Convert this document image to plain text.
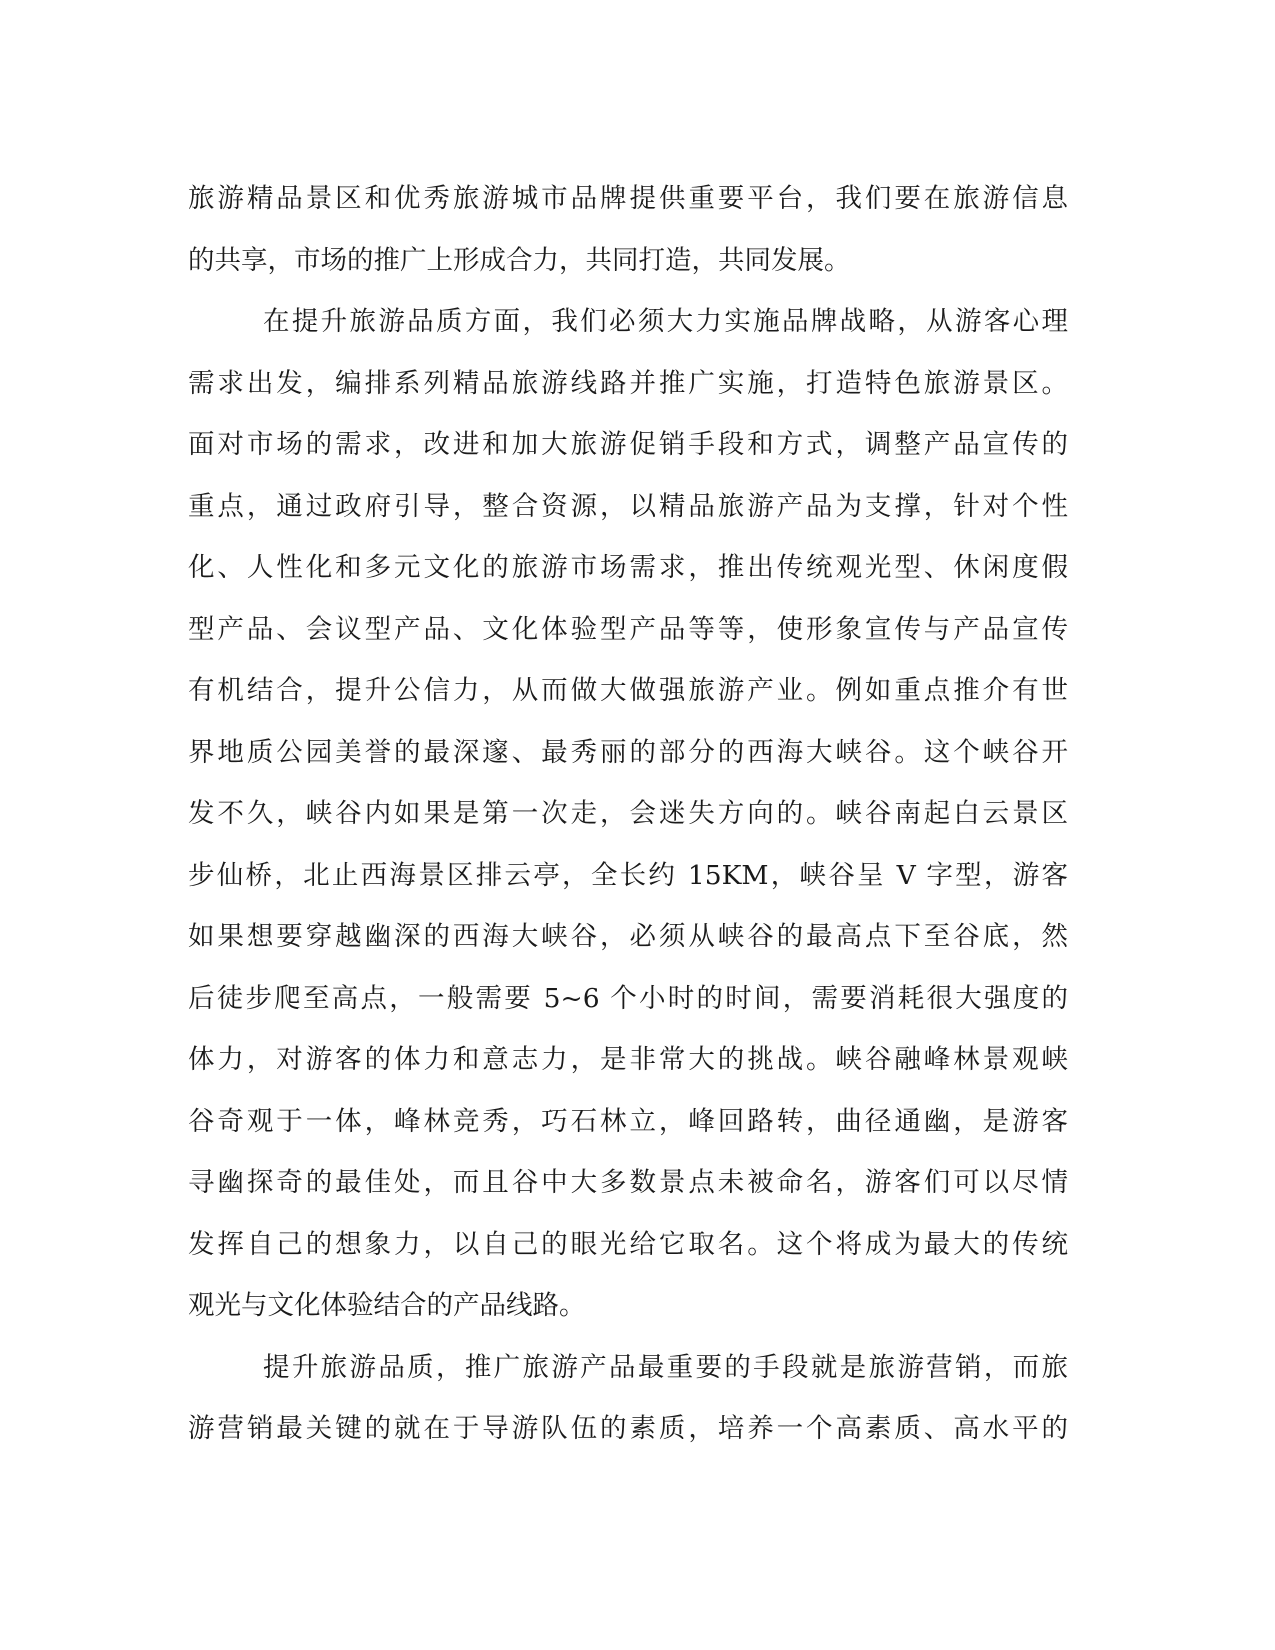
旅游精品景区和优秀旅游城市品牌提供重要平台，我们要在旅游信息
的共享，市场的推广上形成合力，共同打造，共同发展。
在提升旅游品质方面，我们必须大力实施品牌战略，从游客心理
需求出发，编排系列精品旅游线路并推广实施，打造特色旅游景区。
面对市场的需求，改进和加大旅游促销手段和方式，调整产品宣传的
重点，通过政府引导，整合资源，以精品旅游产品为支撑，针对个性
化、人性化和多元文化的旅游市场需求，推出传统观光型、休闲度假
型产品、会议型产品、文化体验型产品等等，使形象宣传与产品宣传
有机结合，提升公信力，从而做大做强旅游产业。例如重点推介有世
界地质公园美誉的最深邃、最秀丽的部分的西海大峡谷。这个峡谷开
发不久，峡谷内如果是第一次走，会迷失方向的。峡谷南起白云景区
步仙桥，北止西海景区排云亭，全长约 15KM，峡谷呈 V 字型，游客
如果想要穿越幽深的西海大峡谷，必须从峡谷的最高点下至谷底，然
后徒步爬至高点，一般需要 5~6 个小时的时间，需要消耗很大强度的
体力，对游客的体力和意志力，是非常大的挑战。峡谷融峰林景观峡
谷奇观于一体，峰林竞秀，巧石林立，峰回路转，曲径通幽，是游客
寻幽探奇的最佳处，而且谷中大多数景点未被命名，游客们可以尽情
发挥自己的想象力，以自己的眼光给它取名。这个将成为最大的传统
观光与文化体验结合的产品线路。
提升旅游品质，推广旅游产品最重要的手段就是旅游营销，而旅
游营销最关键的就在于导游队伍的素质，培养一个高素质、高水平的
